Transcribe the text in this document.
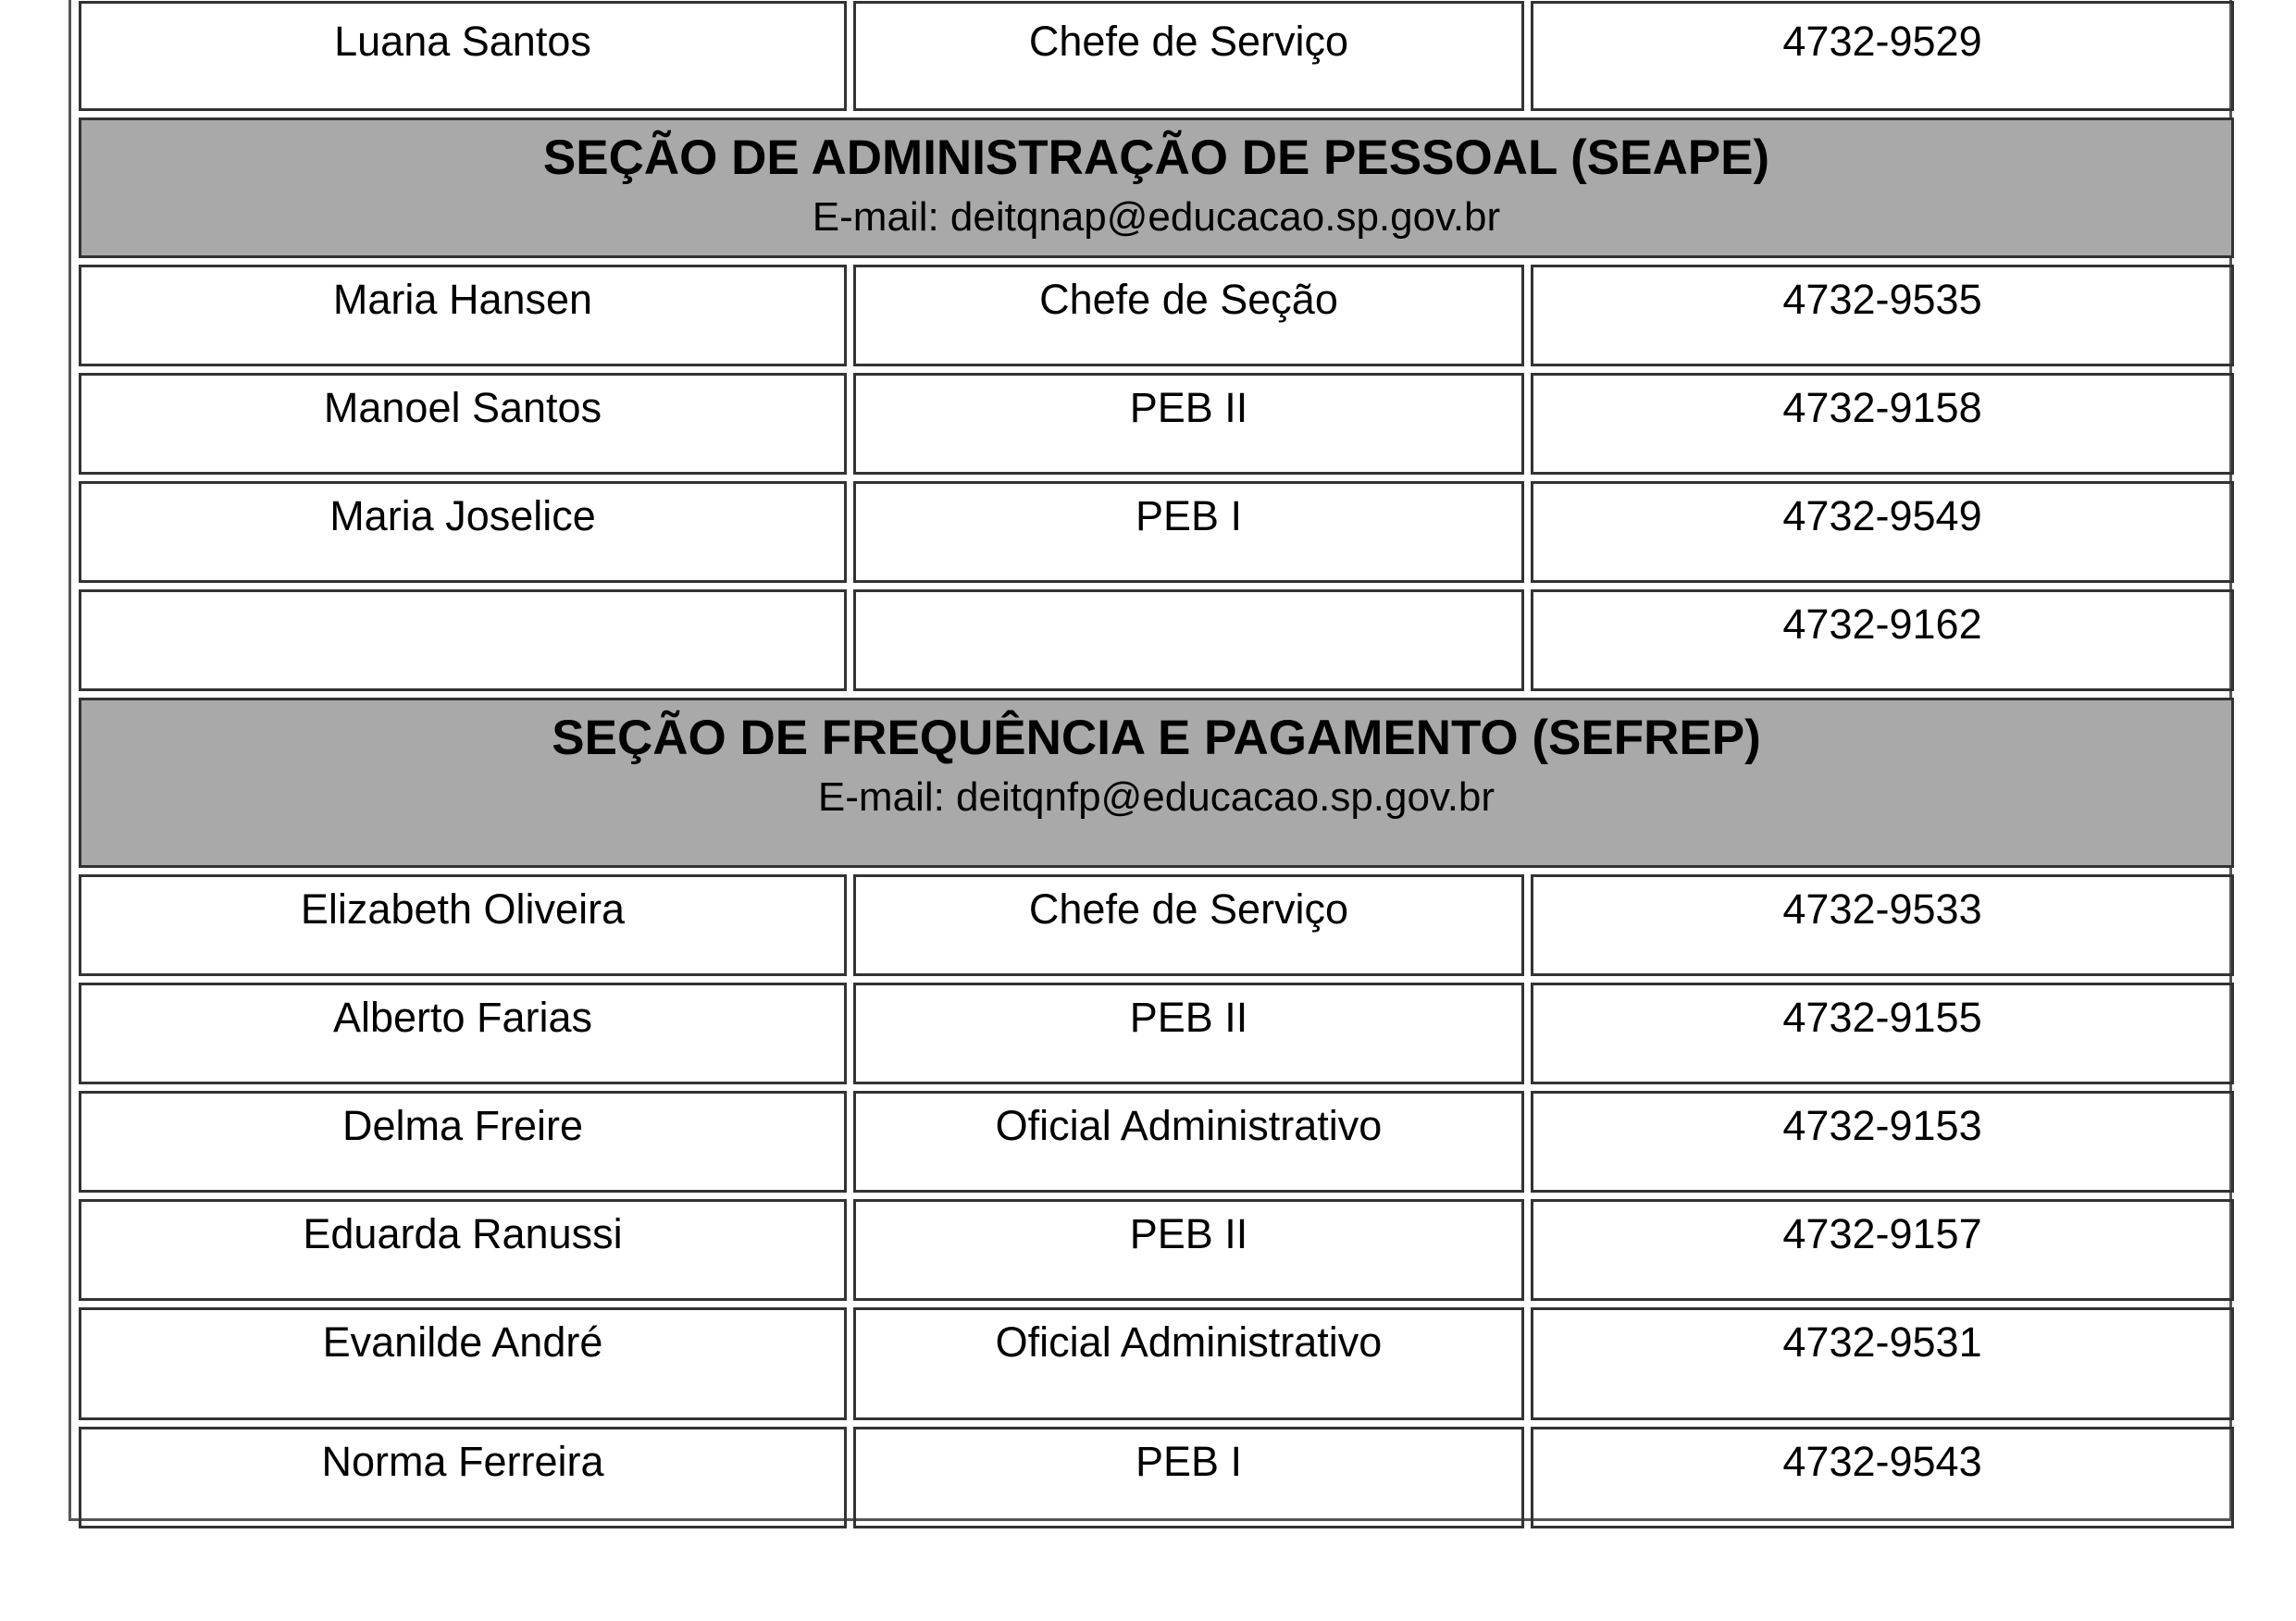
Luana Santos	Chefe de Serviço	4732-9529

SEÇÃO DE ADMINISTRAÇÃO DE PESSOAL (SEAPE)
E-mail: deitqnap@educacao.sp.gov.br		

Maria Hansen	Chefe de Seção	4732-9535
Manoel Santos	PEB II	4732-9158
Maria Joselice	PEB I	4732-9549
		4732-9162

SEÇÃO DE FREQUÊNCIA E PAGAMENTO (SEFREP)
E-mail: deitqnfp@educacao.sp.gov.br		

Elizabeth Oliveira	Chefe de Serviço	4732-9533
Alberto Farias	PEB II	4732-9155
Delma Freire	Oficial Administrativo	4732-9153
Eduarda Ranussi	PEB II	4732-9157
Evanilde André	Oficial Administrativo	4732-9531
Norma Ferreira	PEB I	4732-9543
